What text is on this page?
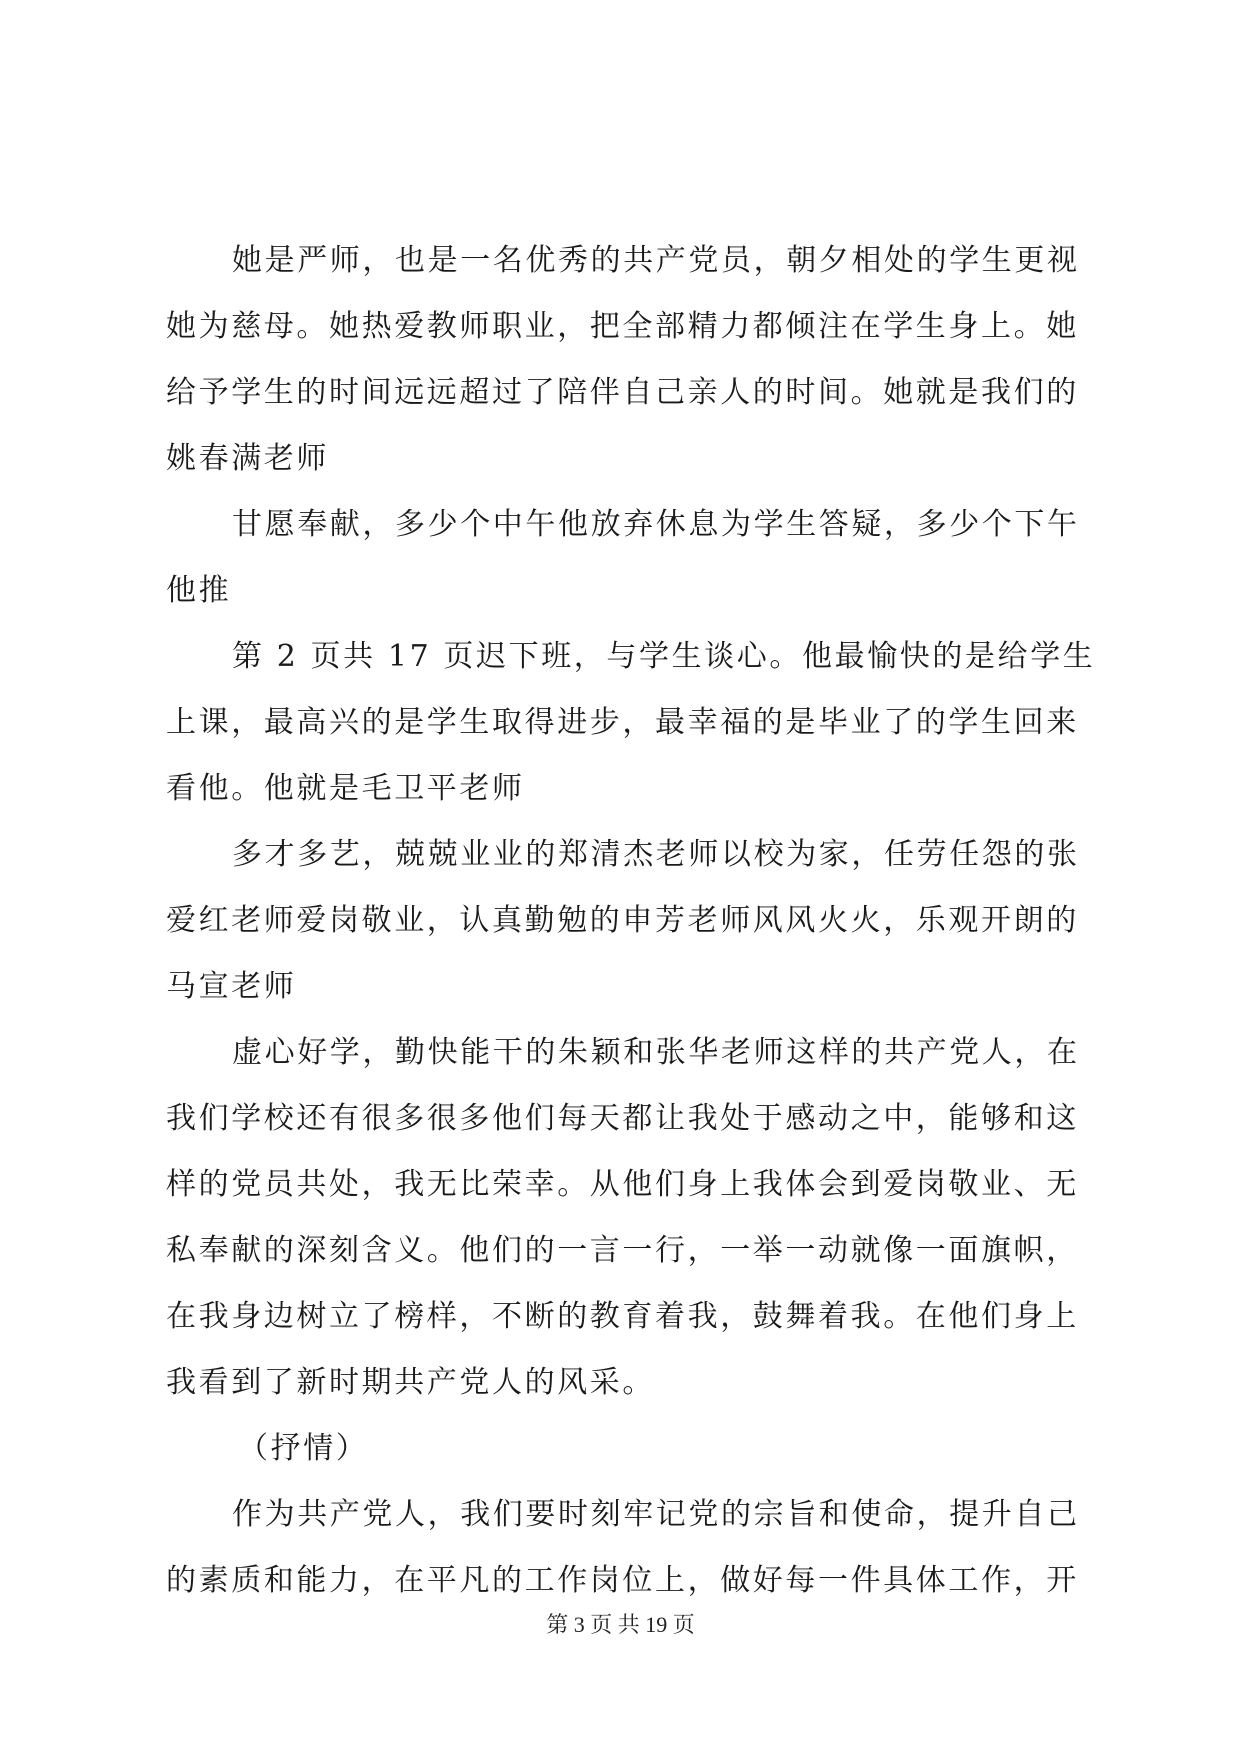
她是严师，也是一名优秀的共产党员，朝夕相处的学生更视
她为慈母。她热爱教师职业，把全部精力都倾注在学生身上。她
给予学生的时间远远超过了陪伴自己亲人的时间。她就是我们的
姚春满老师
甘愿奉献，多少个中午他放弃休息为学生答疑，多少个下午
他推
第 2 页共 17 页迟下班，与学生谈心。他最愉快的是给学生
上课，最高兴的是学生取得进步，最幸福的是毕业了的学生回来
看他。他就是毛卫平老师
多才多艺，兢兢业业的郑清杰老师以校为家，任劳任怨的张
爱红老师爱岗敬业，认真勤勉的申芳老师风风火火，乐观开朗的
马宣老师
虚心好学，勤快能干的朱颖和张华老师这样的共产党人，在
我们学校还有很多很多他们每天都让我处于感动之中，能够和这
样的党员共处，我无比荣幸。从他们身上我体会到爱岗敬业、无
私奉献的深刻含义。他们的一言一行，一举一动就像一面旗帜，
在我身边树立了榜样，不断的教育着我，鼓舞着我。在他们身上
我看到了新时期共产党人的风采。
（抒情）
作为共产党人，我们要时刻牢记党的宗旨和使命，提升自己
的素质和能力，在平凡的工作岗位上，做好每一件具体工作，开
第 3 页 共 19 页
